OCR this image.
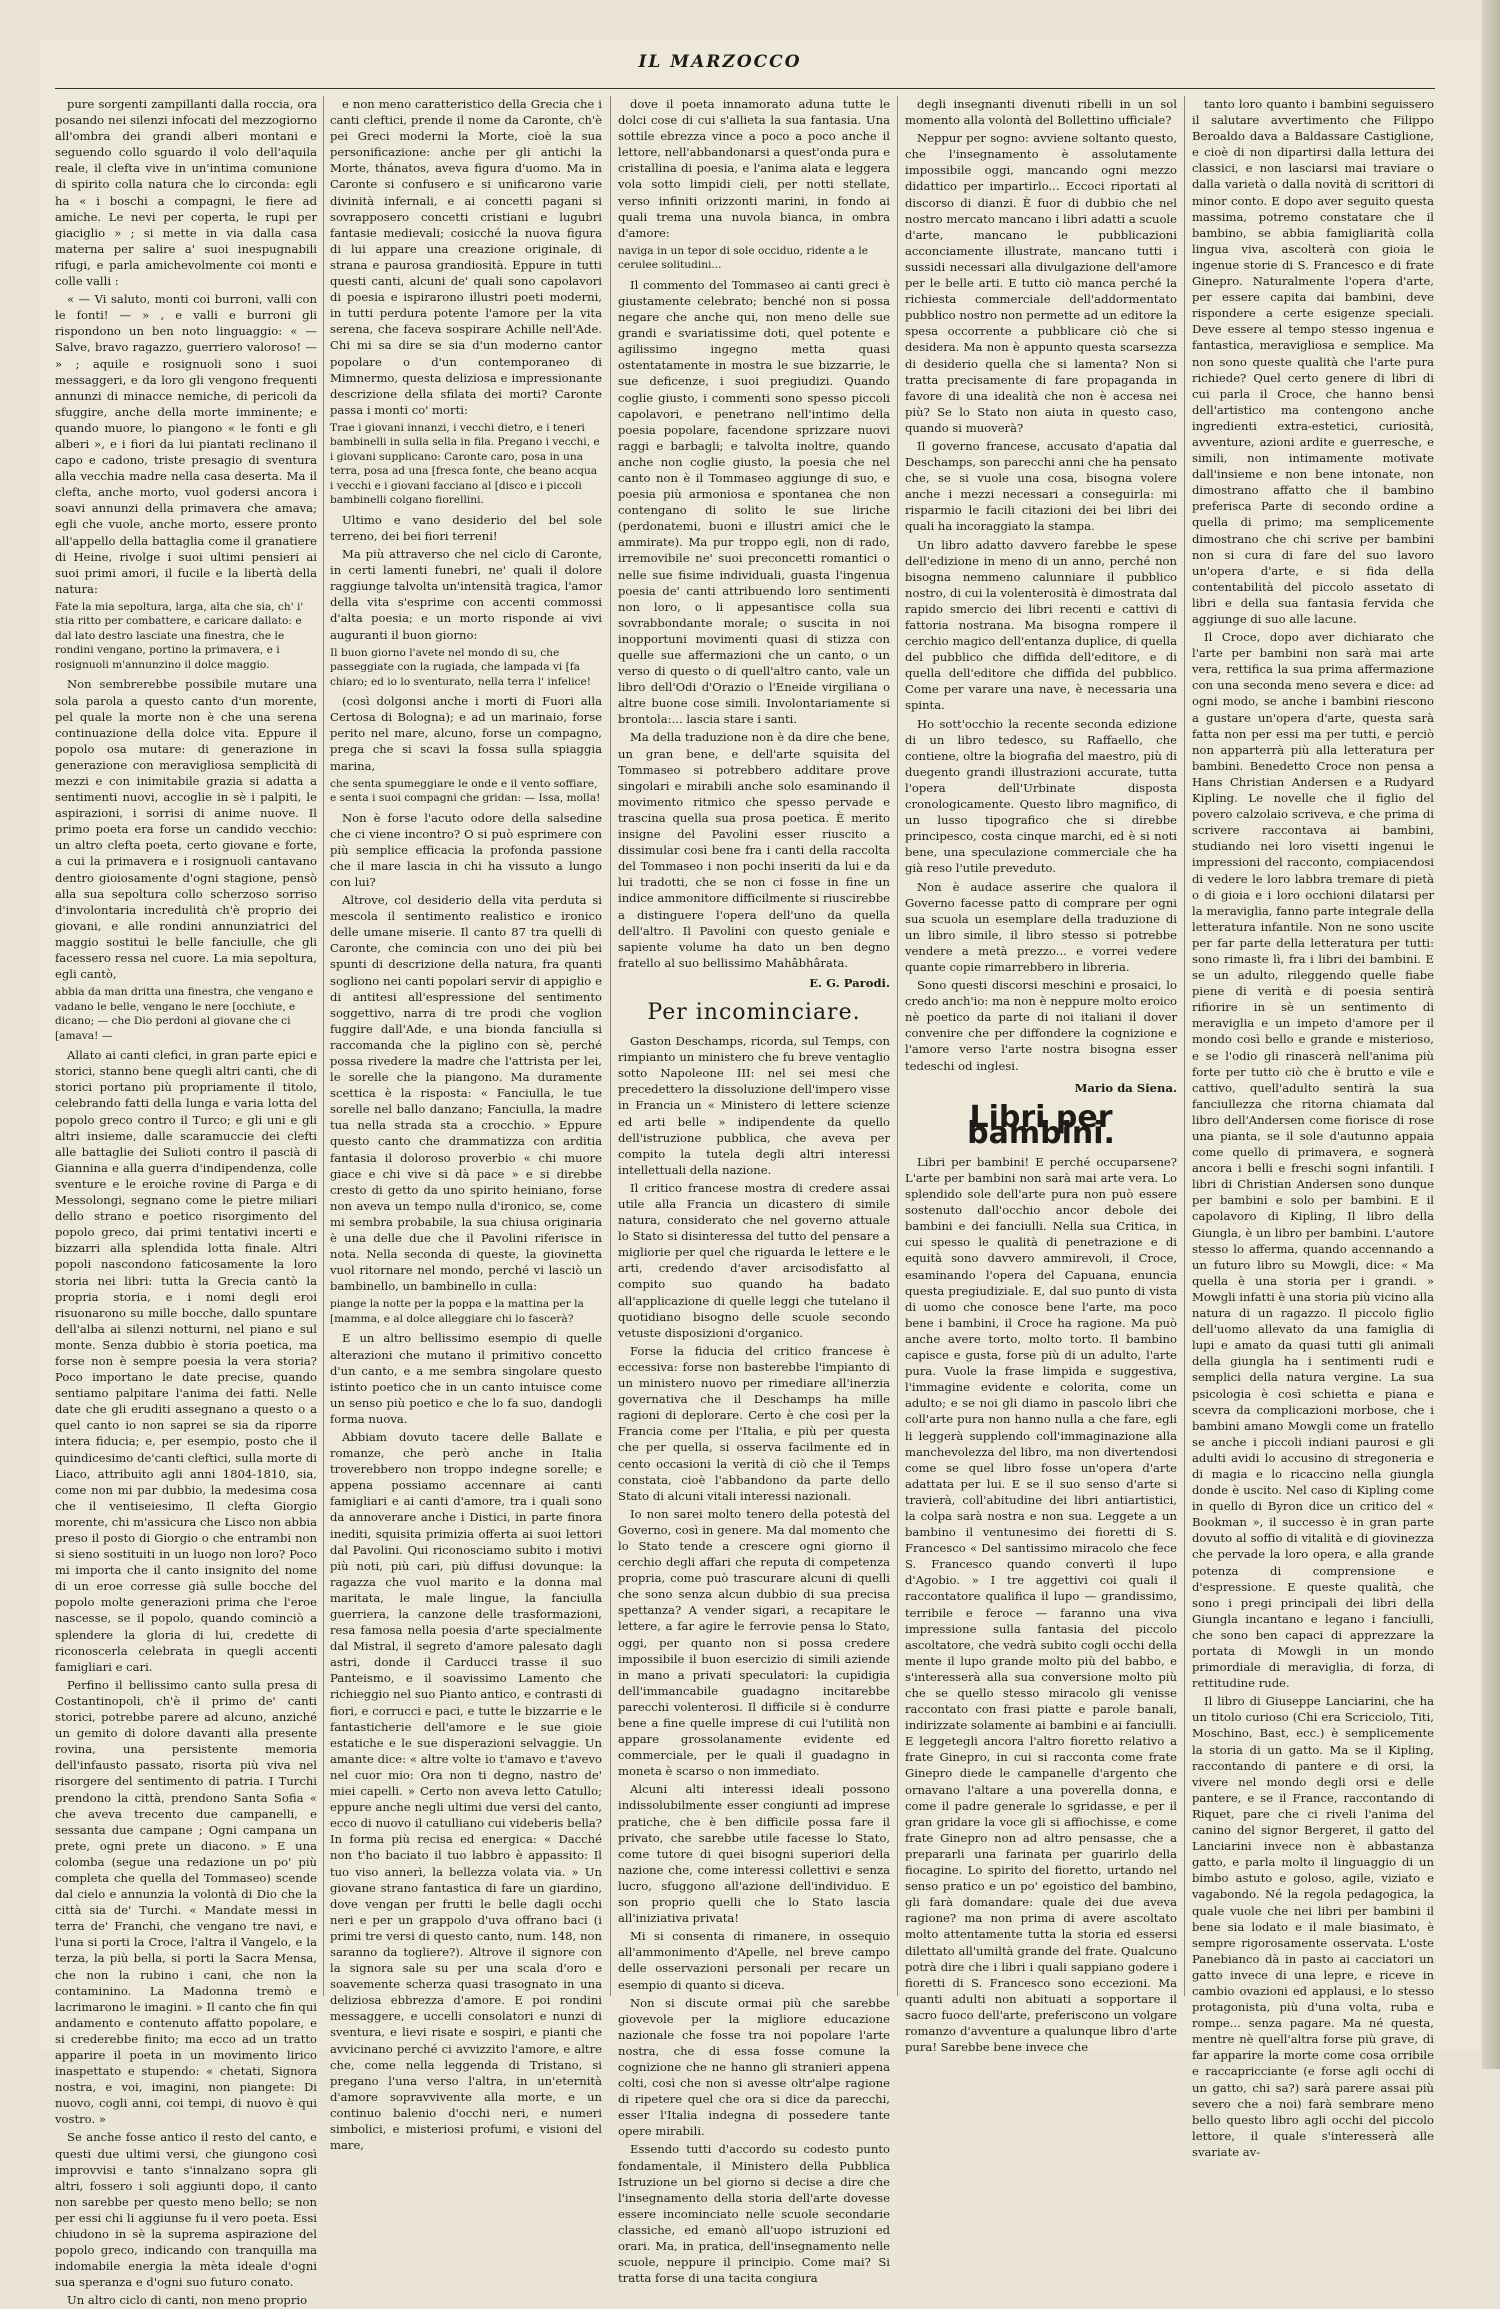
IL MARZOCCO

pure sorgenti zampillanti dalla roccia, ora posando nei silenzi infocati del mezzogiorno all'ombra dei grandi alberi montani e seguendo collo sguardo il volo dell'aquila reale, il clefta vive in un'intima comunione di spirito colla natura che lo circonda: egli ha « i boschi a compagni, le fiere ad amiche. Le nevi per coperta, le rupi per giaciglio » ; si mette in via dalla casa materna per salire a' suoi inespugnabili rifugi, e parla amichevolmente coi monti e colle valli :

« — Vi saluto, monti coi burroni, valli con le fonti! — » , e valli e burroni gli rispondono un ben noto linguaggio: « — Salve, bravo ragazzo, guerriero valoroso! — » ; aquile e rosignuoli sono i suoi messaggeri, e da loro gli vengono frequenti annunzi di minacce nemiche, di pericoli da sfuggire, anche della morte imminente; e quando muore, lo piangono « le fonti e gli alberi », e i fiori da lui piantati reclinano il capo e cadono, triste presagio di sventura alla vecchia madre nella casa deserta. Ma il clefta, anche morto, vuol godersi ancora i soavi annunzi della primavera che amava; egli che vuole, anche morto, essere pronto all'appello della battaglia come il granatiere di Heine, rivolge i suoi ultimi pensieri ai suoi primi amori, il fucile e la libertà della natura:

Fate la mia sepoltura, larga, alta che sia, ch' i' stia ritto per combattere, e caricare dallato: e dal lato destro lasciate una finestra, che le rondini vengano, portino la primavera, e i rosignuoli m'annunzino il dolce maggio.

Non sembrerebbe possibile mutare una sola parola a questo canto d'un morente, pel quale la morte non è che una serena continuazione della dolce vita. Eppure il popolo osa mutare: di generazione in generazione con meravigliosa semplicità di mezzi e con inimitabile grazia si adatta a sentimenti nuovi, accoglie in sè i palpiti, le aspirazioni, i sorrisi di anime nuove. Il primo poeta era forse un candido vecchio: un altro clefta poeta, certo giovane e forte, a cui la primavera e i rosignuoli cantavano dentro gioiosamente d'ogni stagione, pensò alla sua sepoltura collo scherzoso sorriso d'involontaria incredulità ch'è proprio dei giovani, e alle rondini annunziatrici del maggio sostituì le belle fanciulle, che gli facessero ressa nel cuore. La mia sepoltura, egli cantò,

abbia da man dritta una finestra, che vengano e vadano le belle, vengano le nere [occhiute, e dicano; — che Dio perdoni al giovane che ci [amava! —

Allato ai canti clefici, in gran parte epici e storici, stanno bene quegli altri canti, che di storici portano più propriamente il titolo, celebrando fatti della lunga e varia lotta del popolo greco contro il Turco; e gli uni e gli altri insieme, dalle scaramuccie dei clefti alle battaglie dei Sulioti contro il pascià di Giannina e alla guerra d'indipendenza, colle sventure e le eroiche rovine di Parga e di Messolongi, segnano come le pietre miliari dello strano e poetico risorgimento del popolo greco, dai primi tentativi incerti e bizzarri alla splendida lotta finale. Altri popoli nascondono faticosamente la loro storia nei libri: tutta la Grecia cantò la propria storia, e i nomi degli eroi risuonarono su mille bocche, dallo spuntare dell'alba ai silenzi notturni, nel piano e sul monte. Senza dubbio è storia poetica, ma forse non è sempre poesia la vera storia? Poco importano le date precise, quando sentiamo palpitare l'anima dei fatti. Nelle date che gli eruditi assegnano a questo o a quel canto io non saprei se sia da riporre intera fiducia; e, per esempio, posto che il quindicesimo de'canti cleftici, sulla morte di Liaco, attribuito agli anni 1804-1810, sia, come non mi par dubbio, la medesima cosa che il ventiseiesimo, Il clefta Giorgio morente, chi m'assicura che Lisco non abbia preso il posto di Giorgio o che entrambi non si sieno sostituiti in un luogo non loro? Poco mi importa che il canto insignito del nome di un eroe corresse già sulle bocche del popolo molte generazioni prima che l'eroe nascesse, se il popolo, quando cominciò a splendere la gloria di lui, credette di riconoscerla celebrata in quegli accenti famigliari e cari.

Perfino il bellissimo canto sulla presa di Costantinopoli, ch'è il primo de' canti storici, potrebbe parere ad alcuno, anziché un gemito di dolore davanti alla presente rovina, una persistente memoria dell'infausto passato, risorta più viva nel risorgere del sentimento di patria. I Turchi prendono la città, prendono Santa Sofia « che aveva trecento due campanelli, e sessanta due campane ; Ogni campana un prete, ogni prete un diacono. » E una colomba (segue una redazione un po' più completa che quella del Tommaseo) scende dal cielo e annunzia la volontà di Dio che la città sia de' Turchi. « Mandate messi in terra de' Franchi, che vengano tre navi, e l'una si porti la Croce, l'altra il Vangelo, e la terza, la più bella, si porti la Sacra Mensa, che non la rubino i cani, che non la contaminino. La Madonna tremò e lacrimarono le imagini. » Il canto che fin qui andamento e contenuto affatto popolare, e si crederebbe finito; ma ecco ad un tratto apparire il poeta in un movimento lirico inaspettato e stupendo: « chetati, Signora nostra, e voi, imagini, non piangete: Di nuovo, cogli anni, coi tempi, di nuovo è qui vostro. »

Se anche fosse antico il resto del canto, e questi due ultimi versi, che giungono così improvvisi e tanto s'innalzano sopra gli altri, fossero i soli aggiunti dopo, il canto non sarebbe per questo meno bello; se non per essi chi li aggiunse fu il vero poeta. Essi chiudono in sè la suprema aspirazione del popolo greco, indicando con tranquilla ma indomabile energia la mèta ideale d'ogni sua speranza e d'ogni suo futuro conato.

Un altro ciclo di canti, non meno proprio

e non meno caratteristico della Grecia che i canti cleftici, prende il nome da Caronte, ch'è pei Greci moderni la Morte, cioè la sua personificazione: anche per gli antichi la Morte, thánatos, aveva figura d'uomo. Ma in Caronte si confusero e si unificarono varie divinità infernali, e ai concetti pagani si sovrapposero concetti cristiani e lugubri fantasie medievali; cosicché la nuova figura di lui appare una creazione originale, di strana e paurosa grandiosità. Eppure in tutti questi canti, alcuni de' quali sono capolavori di poesia e ispirarono illustri poeti moderni, in tutti perdura potente l'amore per la vita serena, che faceva sospirare Achille nell'Ade. Chi mi sa dire se sia d'un moderno cantor popolare o d'un contemporaneo di Mimnermo, questa deliziosa e impressionante descrizione della sfilata dei morti? Caronte passa i monti co' morti:

Trae i giovani innanzi, i vecchi dietro, e i teneri bambinelli in sulla sella in fila. Pregano i vecchi, e i giovani supplicano: Caronte caro, posa in una terra, posa ad una [fresca fonte, che beano acqua i vecchi e i giovani facciano al [disco e i piccoli bambinelli colgano fiorellini.

Ultimo e vano desiderio del bel sole terreno, dei bei fiori terreni!

Ma più attraverso che nel ciclo di Caronte, in certi lamenti funebri, ne' quali il dolore raggiunge talvolta un'intensità tragica, l'amor della vita s'esprime con accenti commossi d'alta poesia; e un morto risponde ai vivi auguranti il buon giorno:

Il buon giorno l'avete nel mondo di su, che passeggiate con la rugiada, che lampada vi [fa chiaro; ed io lo sventurato, nella terra l' infelice!

(così dolgonsi anche i morti di Fuori alla Certosa di Bologna); e ad un marinaio, forse perito nel mare, alcuno, forse un compagno, prega che si scavi la fossa sulla spiaggia marina,

che senta spumeggiare le onde e il vento soffiare, e senta i suoi compagni che gridan: — Issa, molla!

Non è forse l'acuto odore della salsedine che ci viene incontro? O si può esprimere con più semplice efficacia la profonda passione che il mare lascia in chi ha vissuto a lungo con lui?

Altrove, col desiderio della vita perduta si mescola il sentimento realistico e ironico delle umane miserie. Il canto 87 tra quelli di Caronte, che comincia con uno dei più bei spunti di descrizione della natura, fra quanti sogliono nei canti popolari servir di appiglio e di antitesi all'espressione del sentimento soggettivo, narra di tre prodi che voglion fuggire dall'Ade, e una bionda fanciulla si raccomanda che la piglino con sè, perché possa rivedere la madre che l'attrista per lei, le sorelle che la piangono. Ma duramente scettica è la risposta: « Fanciulla, le tue sorelle nel ballo danzano; Fanciulla, la madre tua nella strada sta a crocchio. » Eppure questo canto che drammatizza con arditia fantasia il doloroso proverbio « chi muore giace e chi vive si dà pace » e si direbbe cresto di getto da uno spirito heiniano, forse non aveva un tempo nulla d'ironico, se, come mi sembra probabile, la sua chiusa originaria è una delle due che il Pavolini riferisce in nota. Nella seconda di queste, la giovinetta vuol ritornare nel mondo, perché vi lasciò un bambinello, un bambinello in culla:

piange la notte per la poppa e la mattina per la [mamma, e al dolce alleggiare chi lo fascerà?

E un altro bellissimo esempio di quelle alterazioni che mutano il primitivo concetto d'un canto, e a me sembra singolare questo istinto poetico che in un canto intuisce come un senso più poetico e che lo fa suo, dandogli forma nuova.

Abbiam dovuto tacere delle Ballate e romanze, che però anche in Italia troverebbero non troppo indegne sorelle; e appena possiamo accennare ai canti famigliari e ai canti d'amore, tra i quali sono da annoverare anche i Distici, in parte finora inediti, squisita primizia offerta ai suoi lettori dal Pavolini. Qui riconosciamo subito i motivi più noti, più cari, più diffusi dovunque: la ragazza che vuol marito e la donna mal maritata, le male lingue, la fanciulla guerriera, la canzone delle trasformazioni, resa famosa nella poesia d'arte specialmente dal Mistral, il segreto d'amore palesato dagli astri, donde il Carducci trasse il suo Panteismo, e il soavissimo Lamento che richieggio nel suo Pianto antico, e contrasti di fiori, e corrucci e paci, e tutte le bizzarrie e le fantasticherie dell'amore e le sue gioie estatiche e le sue disperazioni selvaggie. Un amante dice: « altre volte io t'amavo e t'avevo nel cuor mio: Ora non ti degno, nastro de' miei capelli. » Certo non aveva letto Catullo; eppure anche negli ultimi due versi del canto, ecco di nuovo il catulliano cui videberis bella? In forma più recisa ed energica: « Dacché non t'ho baciato il tuo labbro è appassito: Il tuo viso annerì, la bellezza volata via. » Un giovane strano fantastica di fare un giardino, dove vengan per frutti le belle dagli occhi neri e per un grappolo d'uva offrano baci (i primi tre versi di questo canto, num. 148, non saranno da togliere?). Altrove il signore con la signora sale su per una scala d'oro e soavemente scherza quasi trasognato in una deliziosa ebbrezza d'amore. E poi rondini messaggere, e uccelli consolatori e nunzi di sventura, e lievi risate e sospiri, e pianti che avvicinano perché ci avvizzito l'amore, e altre che, come nella leggenda di Tristano, si pregano l'una verso l'altra, in un'eternità d'amore sopravvivente alla morte, e un continuo balenio d'occhi neri, e numeri simbolici, e misteriosi profumi, e visioni del mare,

dove il poeta innamorato aduna tutte le dolci cose di cui s'allieta la sua fantasia. Una sottile ebrezza vince a poco a poco anche il lettore, nell'abbandonarsi a quest'onda pura e cristallina di poesia, e l'anima alata e leggera vola sotto limpidi cieli, per notti stellate, verso infiniti orizzonti marini, in fondo ai quali trema una nuvola bianca, in ombra d'amore:

naviga in un tepor di sole occiduo, ridente a le cerulee solitudini...

Il commento del Tommaseo ai canti greci è giustamente celebrato; benché non si possa negare che anche qui, non meno delle sue grandi e svariatissime doti, quel potente e agilissimo ingegno metta quasi ostentatamente in mostra le sue bizzarrie, le sue deficenze, i suoi pregiudizi. Quando coglie giusto, i commenti sono spesso piccoli capolavori, e penetrano nell'intimo della poesia popolare, facendone sprizzare nuovi raggi e barbagli; e talvolta inoltre, quando anche non coglie giusto, la poesia che nel canto non è il Tommaseo aggiunge di suo, e poesia più armoniosa e spontanea che non contengano di solito le sue liriche (perdonatemi, buoni e illustri amici che le ammirate). Ma pur troppo egli, non di rado, irremovibile ne' suoi preconcetti romantici o nelle sue fisime individuali, guasta l'ingenua poesia de' canti attribuendo loro sentimenti non loro, o li appesantisce colla sua sovrabbondante morale; o suscita in noi inopportuni movimenti quasi di stizza con quelle sue affermazioni che un canto, o un verso di questo o di quell'altro canto, vale un libro dell'Odi d'Orazio o l'Eneide virgiliana o altre buone cose simili. Involontariamente si brontola:... lascia stare i santi.

Ma della traduzione non è da dire che bene, un gran bene, e dell'arte squisita del Tommaseo si potrebbero additare prove singolari e mirabili anche solo esaminando il movimento ritmico che spesso pervade e trascina quella sua prosa poetica. È merito insigne del Pavolini esser riuscito a dissimular così bene fra i canti della raccolta del Tommaseo i non pochi inseriti da lui e da lui tradotti, che se non ci fosse in fine un indice ammonitore difficilmente si riuscirebbe a distinguere l'opera dell'uno da quella dell'altro. Il Pavolini con questo geniale e sapiente volume ha dato un ben degno fratello al suo bellissimo Mahâbhârata.

E. G. Parodi.
Per incominciare.

Gaston Deschamps, ricorda, sul Temps, con rimpianto un ministero che fu breve ventaglio sotto Napoleone III: nel sei mesi che precedettero la dissoluzione dell'impero visse in Francia un « Ministero di lettere scienze ed arti belle » indipendente da quello dell'istruzione pubblica, che aveva per compito la tutela degli altri interessi intellettuali della nazione.

Il critico francese mostra di credere assai utile alla Francia un dicastero di simile natura, considerato che nel governo attuale lo Stato si disinteressa del tutto del pensare a migliorie per quel che riguarda le lettere e le arti, credendo d'aver arcisodisfatto al compito suo quando ha badato all'applicazione di quelle leggi che tutelano il quotidiano bisogno delle scuole secondo vetuste disposizioni d'organico.

Forse la fiducia del critico francese è eccessiva: forse non basterebbe l'impianto di un ministero nuovo per rimediare all'inerzia governativa che il Deschamps ha mille ragioni di deplorare. Certo è che così per la Francia come per l'Italia, e più per questa che per quella, si osserva facilmente ed in cento occasioni la verità di ciò che il Temps constata, cioè l'abbandono da parte dello Stato di alcuni vitali interessi nazionali.

Io non sarei molto tenero della potestà del Governo, così in genere. Ma dal momento che lo Stato tende a crescere ogni giorno il cerchio degli affari che reputa di competenza propria, come può trascurare alcuni di quelli che sono senza alcun dubbio di sua precisa spettanza? A vender sigari, a recapitare le lettere, a far agire le ferrovie pensa lo Stato, oggi, per quanto non si possa credere impossibile il buon esercizio di simili aziende in mano a privati speculatori: la cupidigia dell'immancabile guadagno incitarebbe parecchi volenterosi. Il difficile si è condurre bene a fine quelle imprese di cui l'utilità non appare grossolanamente evidente ed commerciale, per le quali il guadagno in moneta è scarso o non immediato.

Alcuni alti interessi ideali possono indissolubilmente esser congiunti ad imprese pratiche, che è ben difficile possa fare il privato, che sarebbe utile facesse lo Stato, come tutore di quei bisogni superiori della nazione che, come interessi collettivi e senza lucro, sfuggono all'azione dell'individuo. E son proprio quelli che lo Stato lascia all'iniziativa privata!

Mi si consenta di rimanere, in ossequio all'ammonimento d'Apelle, nel breve campo delle osservazioni personali per recare un esempio di quanto si diceva.

Non si discute ormai più che sarebbe giovevole per la migliore educazione nazionale che fosse tra noi popolare l'arte nostra, che di essa fosse comune la cognizione che ne hanno gli stranieri appena colti, così che non si avesse oltr'alpe ragione di ripetere quel che ora si dice da parecchi, esser l'Italia indegna di possedere tante opere mirabili.

Essendo tutti d'accordo su codesto punto fondamentale, il Ministero della Pubblica Istruzione un bel giorno si decise a dire che l'insegnamento della storia dell'arte dovesse essere incominciato nelle scuole secondarie classiche, ed emanò all'uopo istruzioni ed orari. Ma, in pratica, dell'insegnamento nelle scuole, neppure il principio. Come mai? Si tratta forse di una tacita congiura

degli insegnanti divenuti ribelli in un sol momento alla volontà del Bollettino ufficiale?

Neppur per sogno: avviene soltanto questo, che l'insegnamento è assolutamente impossibile oggi, mancando ogni mezzo didattico per impartirlo... Eccoci riportati al discorso di dianzi. È fuor di dubbio che nel nostro mercato mancano i libri adatti a scuole d'arte, mancano le pubblicazioni acconciamente illustrate, mancano tutti i sussidi necessari alla divulgazione dell'amore per le belle arti. E tutto ciò manca perché la richiesta commerciale dell'addormentato pubblico nostro non permette ad un editore la spesa occorrente a pubblicare ciò che si desidera. Ma non è appunto questa scarsezza di desiderio quella che si lamenta? Non si tratta precisamente di fare propaganda in favore di una idealità che non è accesa nei più? Se lo Stato non aiuta in questo caso, quando si muoverà?

Il governo francese, accusato d'apatia dal Deschamps, son parecchi anni che ha pensato che, se si vuole una cosa, bisogna volere anche i mezzi necessari a conseguirla: mi risparmio le facili citazioni dei bei libri dei quali ha incoraggiato la stampa.

Un libro adatto davvero farebbe le spese dell'edizione in meno di un anno, perché non bisogna nemmeno calunniare il pubblico nostro, di cui la volenterosità è dimostrata dal rapido smercio dei libri recenti e cattivi di fattoria nostrana. Ma bisogna rompere il cerchio magico dell'entanza duplice, di quella del pubblico che diffida dell'editore, e di quella dell'editore che diffida del pubblico. Come per varare una nave, è necessaria una spinta.

Ho sott'occhio la recente seconda edizione di un libro tedesco, su Raffaello, che contiene, oltre la biografia del maestro, più di duegento grandi illustrazioni accurate, tutta l'opera dell'Urbinate disposta cronologicamente. Questo libro magnifico, di un lusso tipografico che si direbbe principesco, costa cinque marchi, ed è si noti bene, una speculazione commerciale che ha già reso l'utile preveduto.

Non è audace asserire che qualora il Governo facesse patto di comprare per ogni sua scuola un esemplare della traduzione di un libro simile, il libro stesso si potrebbe vendere a metà prezzo... e vorrei vedere quante copie rimarrebbero in libreria.

Sono questi discorsi meschini e prosaici, lo credo anch'io: ma non è neppure molto eroico nè poetico da parte di noi italiani il dover convenire che per diffondere la cognizione e l'amore verso l'arte nostra bisogna esser tedeschi od inglesi.

Mario da Siena.
Libri per bambini.

Libri per bambini! E perché occuparsene? L'arte per bambini non sarà mai arte vera. Lo splendido sole dell'arte pura non può essere sostenuto dall'occhio ancor debole dei bambini e dei fanciulli. Nella sua Critica, in cui spesso le qualità di penetrazione e di equità sono davvero ammirevoli, il Croce, esaminando l'opera del Capuana, enuncia questa pregiudiziale. E, dal suo punto di vista di uomo che conosce bene l'arte, ma poco bene i bambini, il Croce ha ragione. Ma può anche avere torto, molto torto. Il bambino capisce e gusta, forse più di un adulto, l'arte pura. Vuole la frase limpida e suggestiva, l'immagine evidente e colorita, come un adulto; e se noi gli diamo in pascolo libri che coll'arte pura non hanno nulla a che fare, egli li leggerà supplendo coll'immaginazione alla manchevolezza del libro, ma non divertendosi come se quel libro fosse un'opera d'arte adattata per lui. E se il suo senso d'arte si travierà, coll'abitudine dei libri antiartistici, la colpa sarà nostra e non sua. Leggete a un bambino il ventunesimo dei fioretti di S. Francesco « Del santissimo miracolo che fece S. Francesco quando convertì il lupo d'Agobio. » I tre aggettivi coi quali il raccontatore qualifica il lupo — grandissimo, terribile e feroce — faranno una viva impressione sulla fantasia del piccolo ascoltatore, che vedrà subito cogli occhi della mente il lupo grande molto più del babbo, e s'interesserà alla sua conversione molto più che se quello stesso miracolo gli venisse raccontato con frasi piatte e parole banali, indirizzate solamente ai bambini e ai fanciulli. E leggetegli ancora l'altro fioretto relativo a frate Ginepro, in cui si racconta come frate Ginepro diede le campanelle d'argento che ornavano l'altare a una poverella donna, e come il padre generale lo sgridasse, e per il gran gridare la voce gli si affiochisse, e come frate Ginepro non ad altro pensasse, che a prepararli una farinata per guarirlo della fiocagine. Lo spirito del fioretto, urtando nel senso pratico e un po' egoistico del bambino, gli farà domandare: quale dei due aveva ragione? ma non prima di avere ascoltato molto attentamente tutta la storia ed essersi dilettato all'umiltà grande del frate. Qualcuno potrà dire che i libri i quali sappiano godere i fioretti di S. Francesco sono eccezioni. Ma quanti adulti non abituati a sopportare il sacro fuoco dell'arte, preferiscono un volgare romanzo d'avventure a qualunque libro d'arte pura! Sarebbe bene invece che

tanto loro quanto i bambini seguissero il salutare avvertimento che Filippo Beroaldo dava a Baldassare Castiglione, e cioè di non dipartirsi dalla lettura dei classici, e non lasciarsi mai traviare o dalla varietà o dalla novità di scrittori di minor conto. E dopo aver seguito questa massima, potremo constatare che il bambino, se abbia famigliarità colla lingua viva, ascolterà con gioia le ingenue storie di S. Francesco e di frate Ginepro. Naturalmente l'opera d'arte, per essere capita dai bambini, deve rispondere a certe esigenze speciali. Deve essere al tempo stesso ingenua e fantastica, meravigliosa e semplice. Ma non sono queste qualità che l'arte pura richiede? Quel certo genere di libri di cui parla il Croce, che hanno bensì dell'artistico ma contengono anche ingredienti extra-estetici, curiosità, avventure, azioni ardite e guerresche, e simili, non intimamente motivate dall'insieme e non bene intonate, non dimostrano affatto che il bambino preferisca Parte di secondo ordine a quella di primo; ma semplicemente dimostrano che chi scrive per bambini non si cura di fare del suo lavoro un'opera d'arte, e si fida della contentabilità del piccolo assetato di libri e della sua fantasia fervida che aggiunge di suo alle lacune.

Il Croce, dopo aver dichiarato che l'arte per bambini non sarà mai arte vera, rettifica la sua prima affermazione con una seconda meno severa e dice: ad ogni modo, se anche i bambini riescono a gustare un'opera d'arte, questa sarà fatta non per essi ma per tutti, e perciò non apparterrà più alla letteratura per bambini. Benedetto Croce non pensa a Hans Christian Andersen e a Rudyard Kipling. Le novelle che il figlio del povero calzolaio scriveva, e che prima di scrivere raccontava ai bambini, studiando nei loro visetti ingenui le impressioni del racconto, compiacendosi di vedere le loro labbra tremare di pietà o di gioia e i loro occhioni dilatarsi per la meraviglia, fanno parte integrale della letteratura infantile. Non ne sono uscite per far parte della letteratura per tutti: sono rimaste lì, fra i libri dei bambini. E se un adulto, rileggendo quelle fiabe piene di verità e di poesia sentirà rifiorire in sè un sentimento di meraviglia e un impeto d'amore per il mondo così bello e grande e misterioso, e se l'odio gli rinascerà nell'anima più forte per tutto ciò che è brutto e vile e cattivo, quell'adulto sentirà la sua fanciullezza che ritorna chiamata dal libro dell'Andersen come fioriscе di rose una pianta, se il sole d'autunno appaia come quello di primavera, e sognerà ancora i belli e freschi sogni infantili. I libri di Christian Andersen sono dunque per bambini e solo per bambini. E il capolavoro di Kipling, Il libro della Giungla, è un libro per bambini. L'autore stesso lo afferma, quando accennando a un futuro libro su Mowgli, dice: « Ma quella è una storia per i grandi. » Mowgli infatti è una storia più vicino alla natura di un ragazzo. Il piccolo figlio dell'uomo allevato da una famiglia di lupi e amato da quasi tutti gli animali della giungla ha i sentimenti rudi e semplici della natura vergine. La sua psicologia è così schietta e piana e scevra da complicazioni morbose, che i bambini amano Mowgli come un fratello se anche i piccoli indiani paurosi e gli adulti avidi lo accusino di stregoneria e di magia e lo ricaccino nella giungla donde è uscito. Nel caso di Kipling come in quello di Byron dice un critico del « Bookman », il successo è in gran parte dovuto al soffio di vitalità e di giovinezza che pervade la loro opera, e alla grande potenza di comprensione e d'espressione. E queste qualità, che sono i pregi principali dei libri della Giungla incantano e legano i fanciulli, che sono ben capaci di apprezzare la portata di Mowgli in un mondo primordiale di meraviglia, di forza, di rettitudine rude.

Il libro di Giuseppe Lanciarini, che ha un titolo curioso (Chi era Scricciolo, Titi, Moschino, Bast, ecc.) è semplicemente la storia di un gatto. Ma se il Kipling, raccontando di pantere e di orsi, la vivere nel mondo degli orsi e delle pantere, e se il France, raccontando di Riquet, pare che ci riveli l'anima del canino del signor Bergeret, il gatto del Lanciarini invece non è abbastanza gatto, e parla molto il linguaggio di un bimbo astuto e goloso, agile, viziato e vagabondo. Né la regola pedagogica, la quale vuole che nei libri per bambini il bene sia lodato e il male biasimato, è sempre rigorosamente osservata. L'oste Panebianco dà in pasto ai cacciatori un gatto invece di una lepre, e riceve in cambio ovazioni ed applausi, e lo stesso protagonista, più d'una volta, ruba e rompe... senza pagare. Ma né questa, mentre nè quell'altra forse più grave, di far apparire la morte come cosa orribile e raccapricciante (e forse agli occhi di un gatto, chi sa?) sarà parere assai più severo che a noi) farà sembrare meno bello questo libro agli occhi del piccolo lettore, il quale s'interesserà alle svariate av-
